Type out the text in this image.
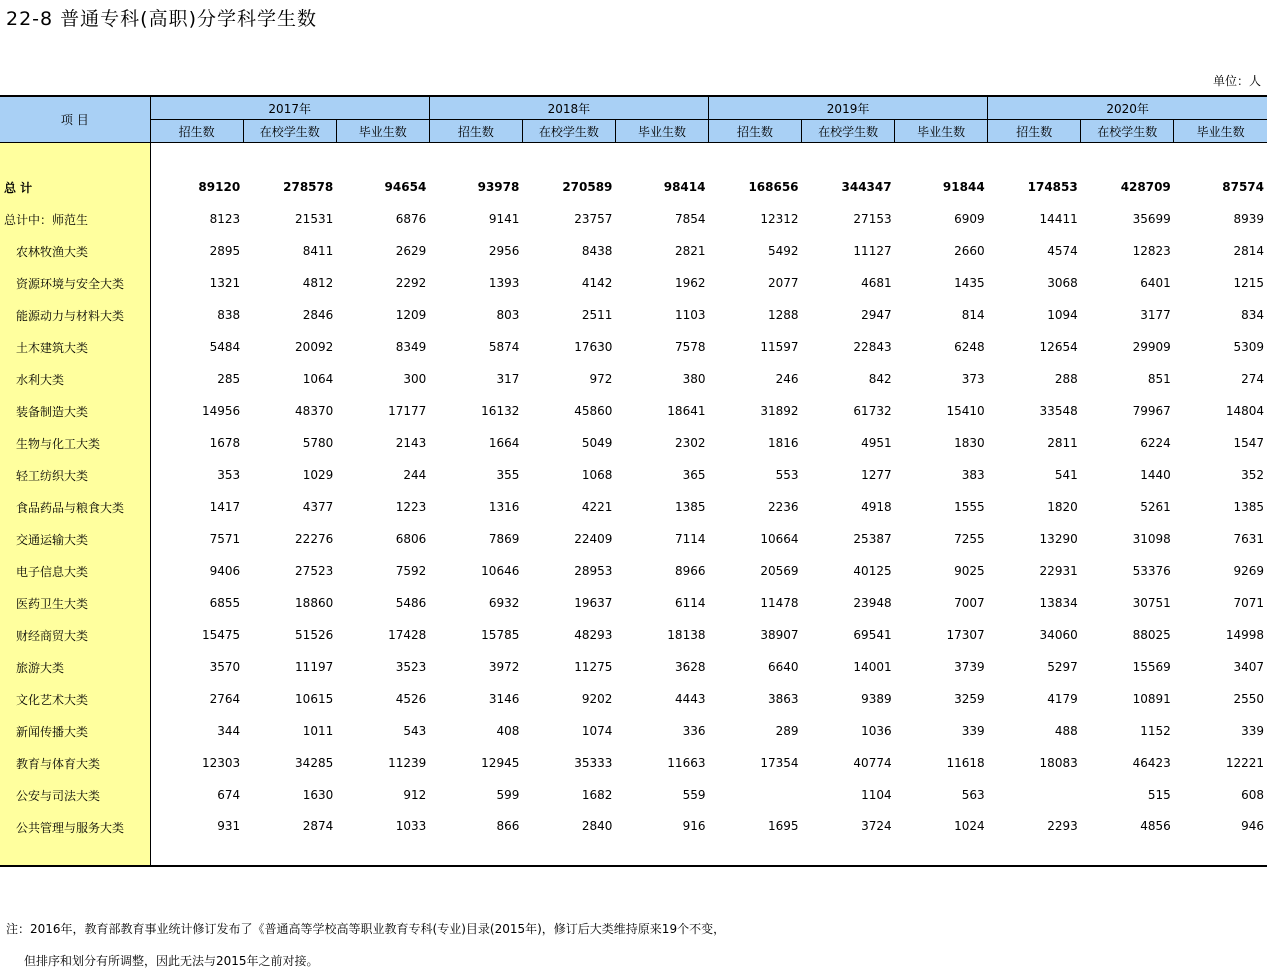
22-8 普通专科(高职)分学科学生数
单位：人
项 目	2017年			2018年			2019年			2020年		
	招生数	在校学生数	毕业生数	招生数	在校学生数	毕业生数	招生数	在校学生数	毕业生数	招生数	在校学生数	毕业生数

总 计	89120	278578	94654	93978	270589	98414	168656	344347	91844	174853	428709	87574
总计中：师范生	8123	21531	6876	9141	23757	7854	12312	27153	6909	14411	35699	8939
农林牧渔大类	2895	8411	2629	2956	8438	2821	5492	11127	2660	4574	12823	2814
资源环境与安全大类	1321	4812	2292	1393	4142	1962	2077	4681	1435	3068	6401	1215
能源动力与材料大类	838	2846	1209	803	2511	1103	1288	2947	814	1094	3177	834
土木建筑大类	5484	20092	8349	5874	17630	7578	11597	22843	6248	12654	29909	5309
水利大类	285	1064	300	317	972	380	246	842	373	288	851	274
装备制造大类	14956	48370	17177	16132	45860	18641	31892	61732	15410	33548	79967	14804
生物与化工大类	1678	5780	2143	1664	5049	2302	1816	4951	1830	2811	6224	1547
轻工纺织大类	353	1029	244	355	1068	365	553	1277	383	541	1440	352
食品药品与粮食大类	1417	4377	1223	1316	4221	1385	2236	4918	1555	1820	5261	1385
交通运输大类	7571	22276	6806	7869	22409	7114	10664	25387	7255	13290	31098	7631
电子信息大类	9406	27523	7592	10646	28953	8966	20569	40125	9025	22931	53376	9269
医药卫生大类	6855	18860	5486	6932	19637	6114	11478	23948	7007	13834	30751	7071
财经商贸大类	15475	51526	17428	15785	48293	18138	38907	69541	17307	34060	88025	14998
旅游大类	3570	11197	3523	3972	11275	3628	6640	14001	3739	5297	15569	3407
文化艺术大类	2764	10615	4526	3146	9202	4443	3863	9389	3259	4179	10891	2550
新闻传播大类	344	1011	543	408	1074	336	289	1036	339	488	1152	339
教育与体育大类	12303	34285	11239	12945	35333	11663	17354	40774	11618	18083	46423	12221
公安与司法大类	674	1630	912	599	1682	559		1104	563		515	608
公共管理与服务大类	931	2874	1033	866	2840	916	1695	3724	1024	2293	4856	946
注：2016年，教育部教育事业统计修订发布了《普通高等学校高等职业教育专科(专业)目录(2015年)，修订后大类维持原来19个不变，
但排序和划分有所调整，因此无法与2015年之前对接。
